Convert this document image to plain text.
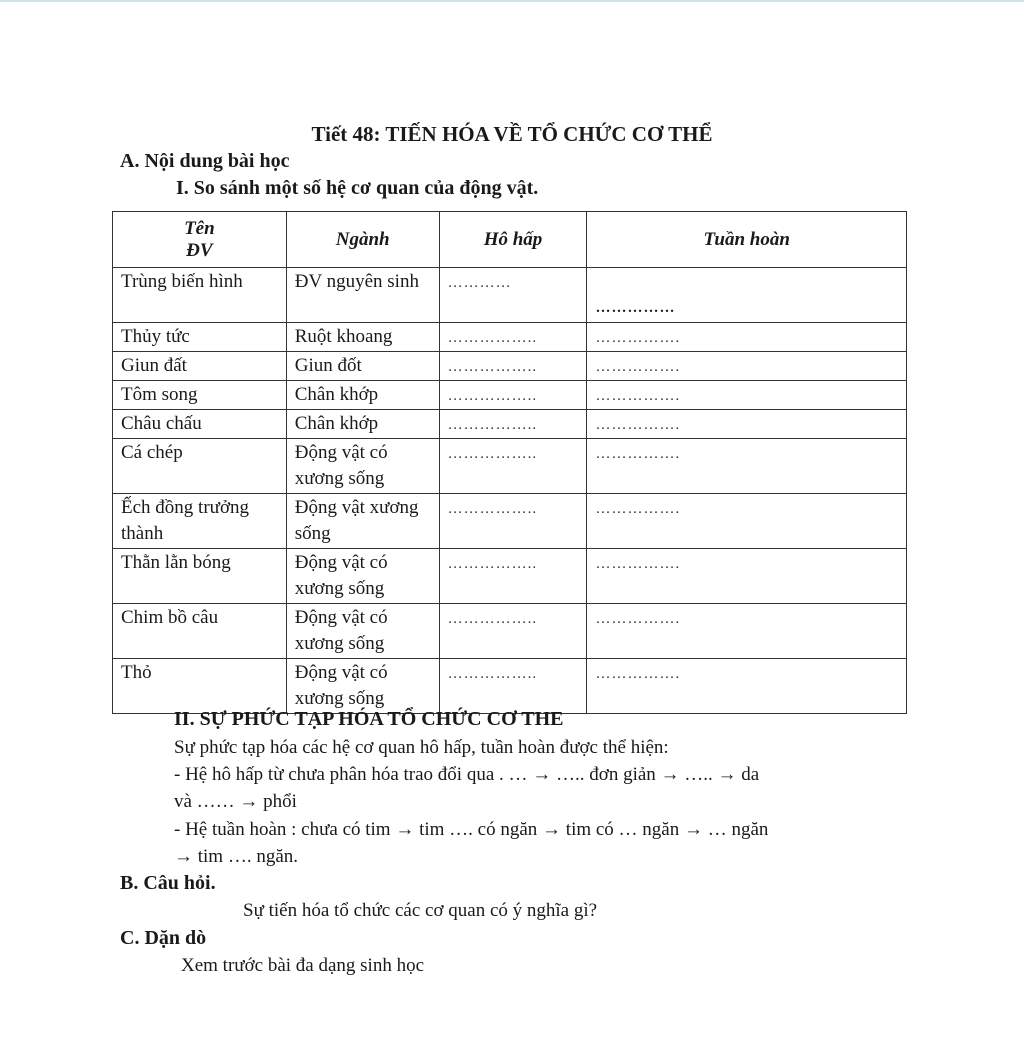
Tiết 48: TIẾN HÓA VỀ TỔ CHỨC CƠ THỂ
A. Nội dung bài học
I. So sánh một số hệ cơ quan của động vật.
Tên
ĐV	Ngành	Hô hấp	Tuần hoàn
Trùng biến hình	ĐV nguyên sinh	…………	……………
Thủy tức	Ruột khoang	……………..	…………….
Giun đất	Giun đốt	……………..	…………….
Tôm song	Chân khớp	……………..	…………….
Châu chấu	Chân khớp	……………..	…………….
Cá chép	Động vật có xương sống	……………..	…………….
Ếch đồng trưởng thành	Động vật xương sống	……………..	…………….
Thằn lằn bóng	Động vật có xương sống	……………..	…………….
Chim bồ câu	Động vật có xương sống	……………..	…………….
Thỏ	Động vật có xương sống	……………..	…………….
II. SỰ PHỨC TẠP HÓA TỔ CHỨC CƠ THE
Sự phức tạp hóa các hệ cơ quan hô hấp, tuần hoàn được thể hiện:
- Hệ hô hấp từ chưa phân hóa trao đổi qua . … → ….. đơn giản → ….. → da
và …… → phổi
- Hệ tuần hoàn : chưa có tim → tim …. có ngăn → tim có … ngăn → … ngăn
→ tim …. ngăn.
B. Câu hỏi.
Sự tiến hóa tổ chức các cơ quan có ý nghĩa gì?
C. Dặn dò
Xem trước bài đa dạng sinh học
